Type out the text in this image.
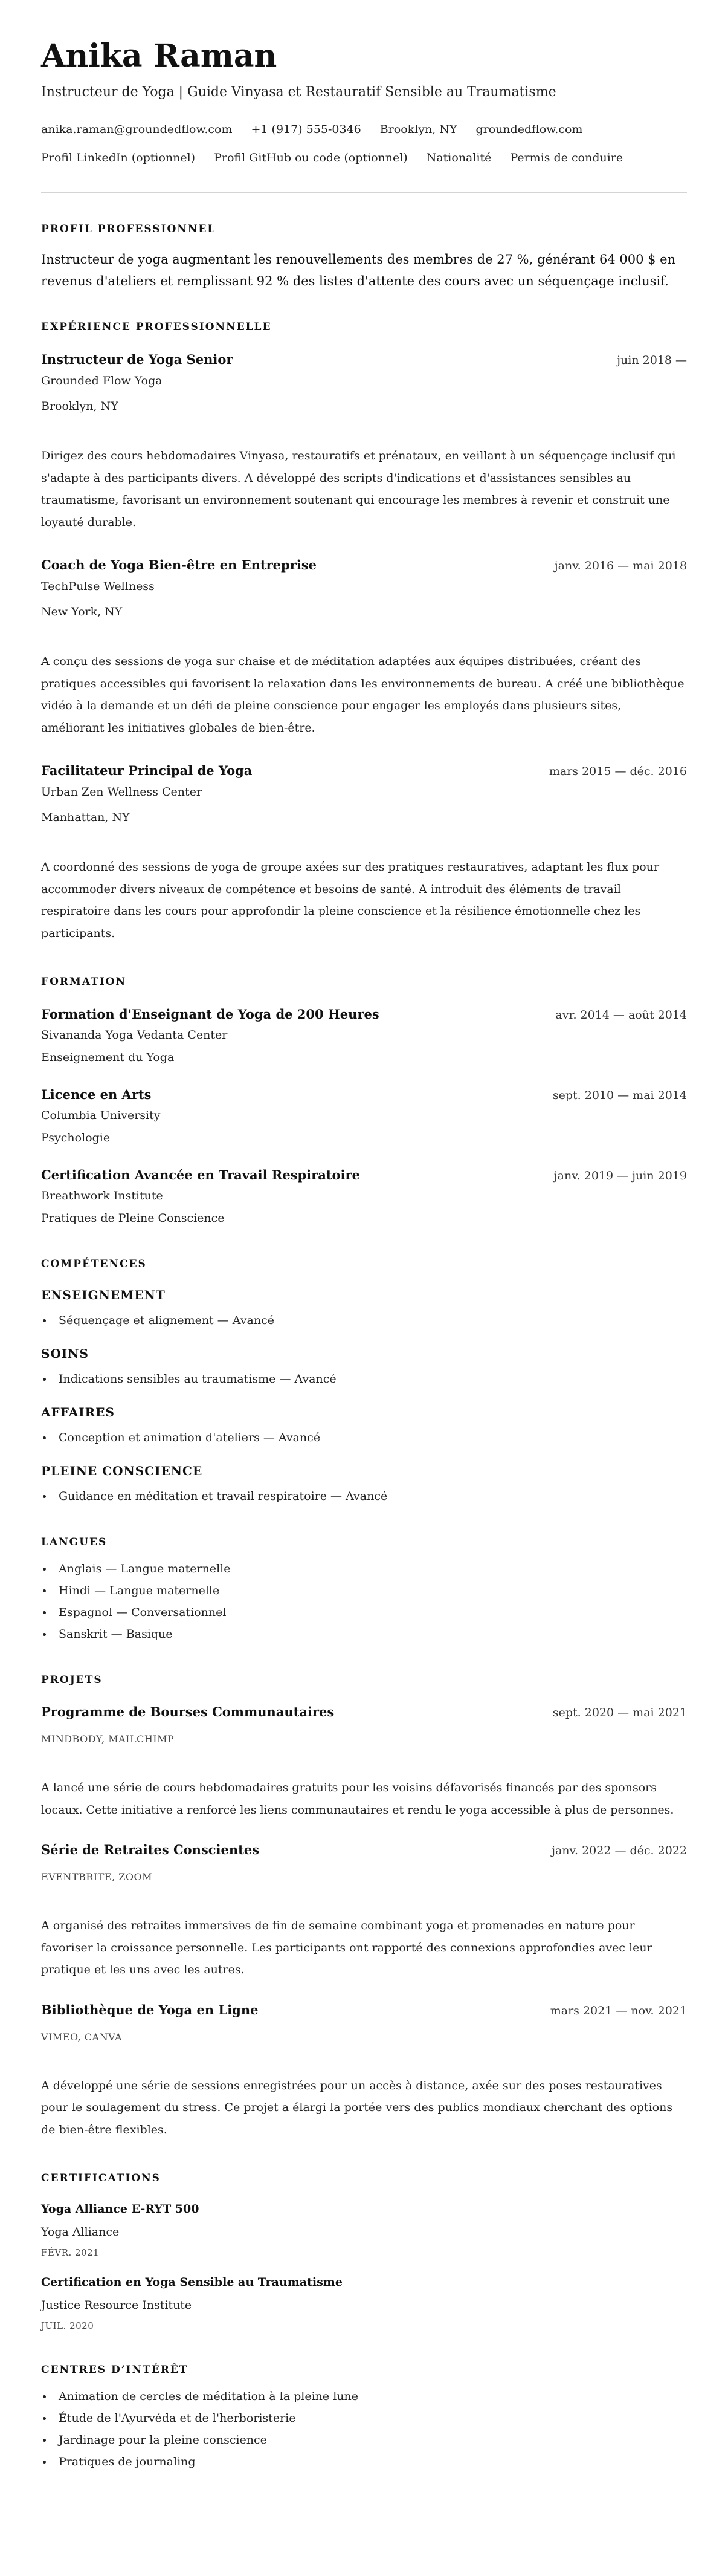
Anika Raman
Instructeur de Yoga | Guide Vinyasa et Restauratif Sensible au Traumatisme
anika.raman@groundedflow.com +1 (917) 555-0346 Brooklyn, NY groundedflow.com
Profil LinkedIn (optionnel) Profil GitHub ou code (optionnel) Nationalité Permis de conduire
PROFIL PROFESSIONNEL
Instructeur de yoga augmentant les renouvellements des membres de 27 %, générant 64 000 $ en revenus d'ateliers et remplissant 92 % des listes d'attente des cours avec un séquençage inclusif.
EXPÉRIENCE PROFESSIONNELLE
Instructeur de Yoga Senior	juin 2018 —
Grounded Flow Yoga
Brooklyn, NY
Dirigez des cours hebdomadaires Vinyasa, restauratifs et prénataux, en veillant à un séquençage inclusif qui s'adapte à des participants divers. A développé des scripts d'indications et d'assistances sensibles au traumatisme, favorisant un environnement soutenant qui encourage les membres à revenir et construit une loyauté durable.
Coach de Yoga Bien-être en Entreprise	janv. 2016 — mai 2018
TechPulse Wellness
New York, NY
A conçu des sessions de yoga sur chaise et de méditation adaptées aux équipes distribuées, créant des pratiques accessibles qui favorisent la relaxation dans les environnements de bureau. A créé une bibliothèque vidéo à la demande et un défi de pleine conscience pour engager les employés dans plusieurs sites, améliorant les initiatives globales de bien-être.
Facilitateur Principal de Yoga	mars 2015 — déc. 2016
Urban Zen Wellness Center
Manhattan, NY
A coordonné des sessions de yoga de groupe axées sur des pratiques restauratives, adaptant les flux pour accommoder divers niveaux de compétence et besoins de santé. A introduit des éléments de travail respiratoire dans les cours pour approfondir la pleine conscience et la résilience émotionnelle chez les participants.
FORMATION
Formation d'Enseignant de Yoga de 200 Heures	avr. 2014 — août 2014
Sivananda Yoga Vedanta Center
Enseignement du Yoga
Licence en Arts	sept. 2010 — mai 2014
Columbia University
Psychologie
Certification Avancée en Travail Respiratoire	janv. 2019 — juin 2019
Breathwork Institute
Pratiques de Pleine Conscience
COMPÉTENCES
ENSEIGNEMENT
Séquençage et alignement — Avancé
SOINS
Indications sensibles au traumatisme — Avancé
AFFAIRES
Conception et animation d'ateliers — Avancé
PLEINE CONSCIENCE
Guidance en méditation et travail respiratoire — Avancé
LANGUES
Anglais — Langue maternelle
Hindi — Langue maternelle
Espagnol — Conversationnel
Sanskrit — Basique
PROJETS
Programme de Bourses Communautaires	sept. 2020 — mai 2021
MINDBODY, MAILCHIMP
A lancé une série de cours hebdomadaires gratuits pour les voisins défavorisés financés par des sponsors locaux. Cette initiative a renforcé les liens communautaires et rendu le yoga accessible à plus de personnes.
Série de Retraites Conscientes	janv. 2022 — déc. 2022
EVENTBRITE, ZOOM
A organisé des retraites immersives de fin de semaine combinant yoga et promenades en nature pour favoriser la croissance personnelle. Les participants ont rapporté des connexions approfondies avec leur pratique et les uns avec les autres.
Bibliothèque de Yoga en Ligne	mars 2021 — nov. 2021
VIMEO, CANVA
A développé une série de sessions enregistrées pour un accès à distance, axée sur des poses restauratives pour le soulagement du stress. Ce projet a élargi la portée vers des publics mondiaux cherchant des options de bien-être flexibles.
CERTIFICATIONS
Yoga Alliance E-RYT 500
Yoga Alliance
FÉVR. 2021
Certification en Yoga Sensible au Traumatisme
Justice Resource Institute
JUIL. 2020
CENTRES D’INTÉRÊT
Animation de cercles de méditation à la pleine lune
Étude de l'Ayurvéda et de l'herboristerie
Jardinage pour la pleine conscience
Pratiques de journaling
